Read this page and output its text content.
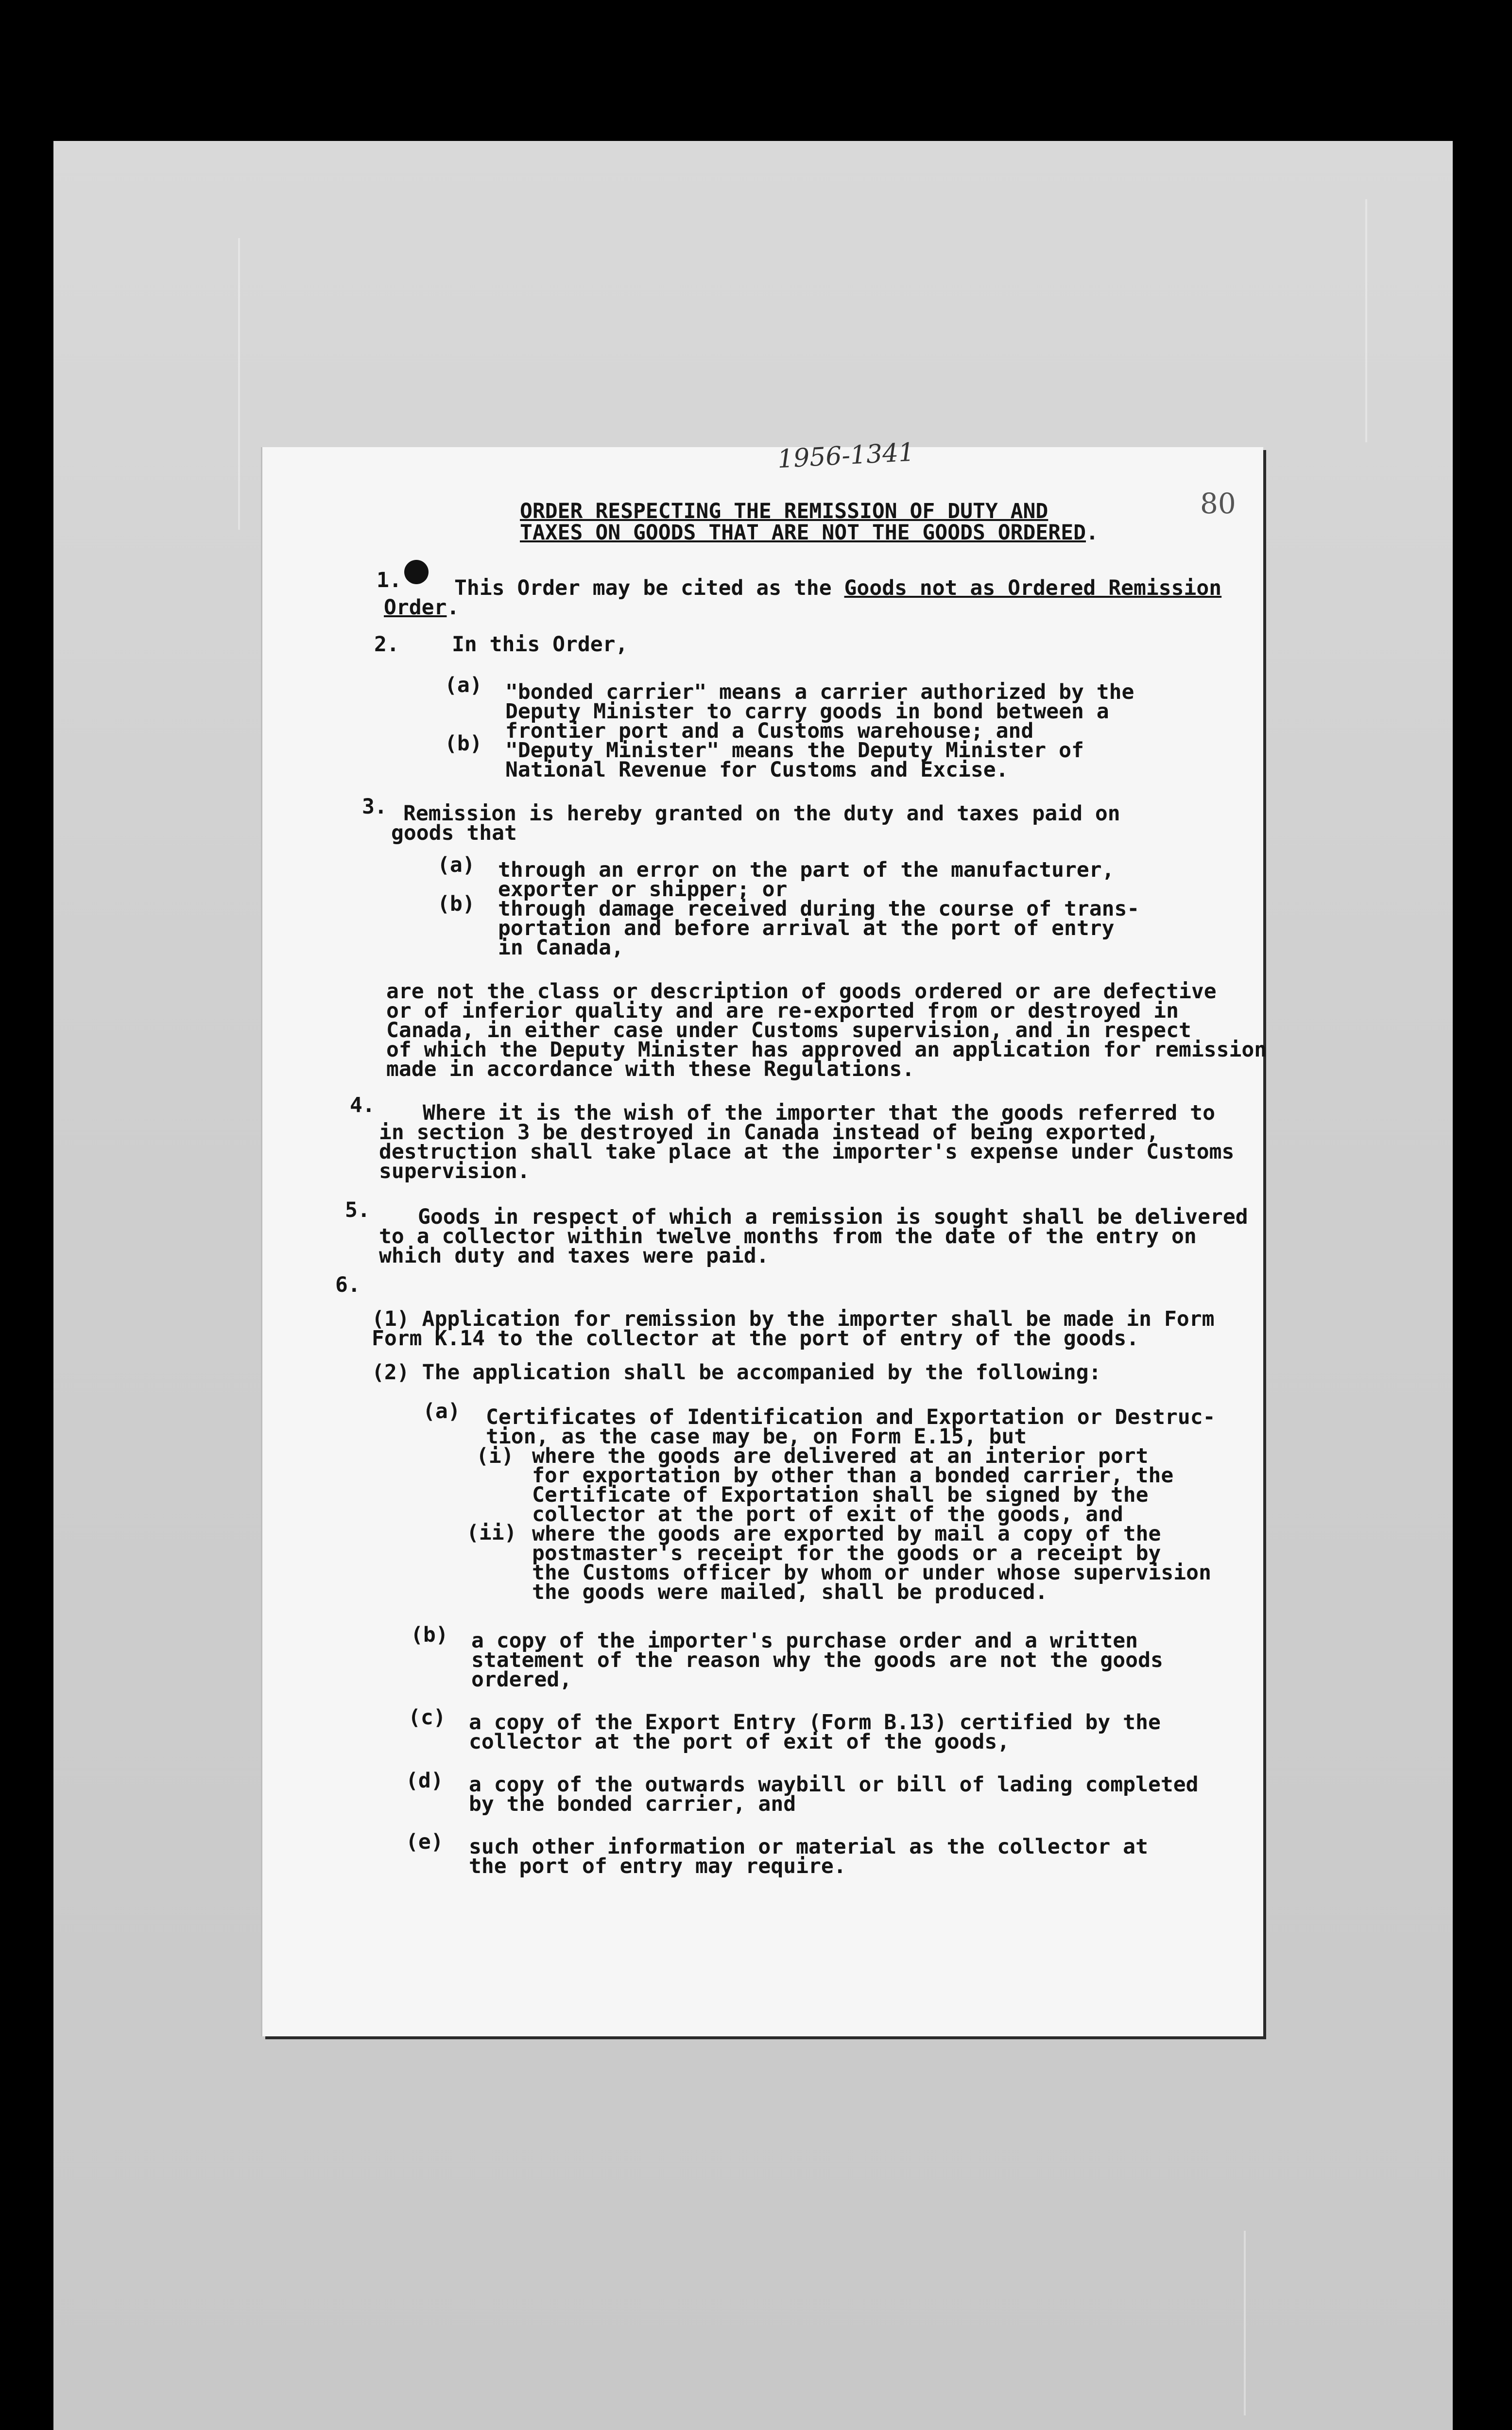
1956-1341
80
ORDER RESPECTING THE REMISSION OF DUTY AND
TAXES ON GOODS THAT ARE NOT THE GOODS ORDERED.
1.	This Order may be cited as the Goods not as Ordered Remission
Order.
2.	In this Order,
(a) "bonded carrier" means a carrier authorized by the
Deputy Minister to carry goods in bond between a
frontier port and a Customs warehouse; and
(b) "Deputy Minister" means the Deputy Minister of
National Revenue for Customs and Excise.
3. Remission is hereby granted on the duty and taxes paid on
goods that
(a) through an error on the part of the manufacturer,
exporter or shipper; or
(b) through damage received during the course of trans-
portation and before arrival at the port of entry
in Canada,
are not the class or description of goods ordered or are defective
or of inferior quality and are re-exported from or destroyed in
Canada, in either case under Customs supervision, and in respect
of which the Deputy Minister has approved an application for remission
made in accordance with these Regulations.
4. Where it is the wish of the importer that the goods referred to
in section 3 be destroyed in Canada instead of being exported,
destruction shall take place at the importer's expense under Customs
supervision.
5. Goods in respect of which a remission is sought shall be delivered
to a collector within twelve months from the date of the entry on
which duty and taxes were paid.
6.
(1) Application for remission by the importer shall be made in Form
Form K.14 to the collector at the port of entry of the goods.
(2) The application shall be accompanied by the following:
(a) Certificates of Identification and Exportation or Destruc-
tion, as the case may be, on Form E.15, but
(i) where the goods are delivered at an interior port
for exportation by other than a bonded carrier, the
Certificate of Exportation shall be signed by the
collector at the port of exit of the goods, and
(ii) where the goods are exported by mail a copy of the
postmaster's receipt for the goods or a receipt by
the Customs officer by whom or under whose supervision
the goods were mailed, shall be produced.
(b) a copy of the importer's purchase order and a written
statement of the reason why the goods are not the goods
ordered,
(c) a copy of the Export Entry (Form B.13) certified by the
collector at the port of exit of the goods,
(d) a copy of the outwards waybill or bill of lading completed
by the bonded carrier, and
(e) such other information or material as the collector at
the port of entry may require.
